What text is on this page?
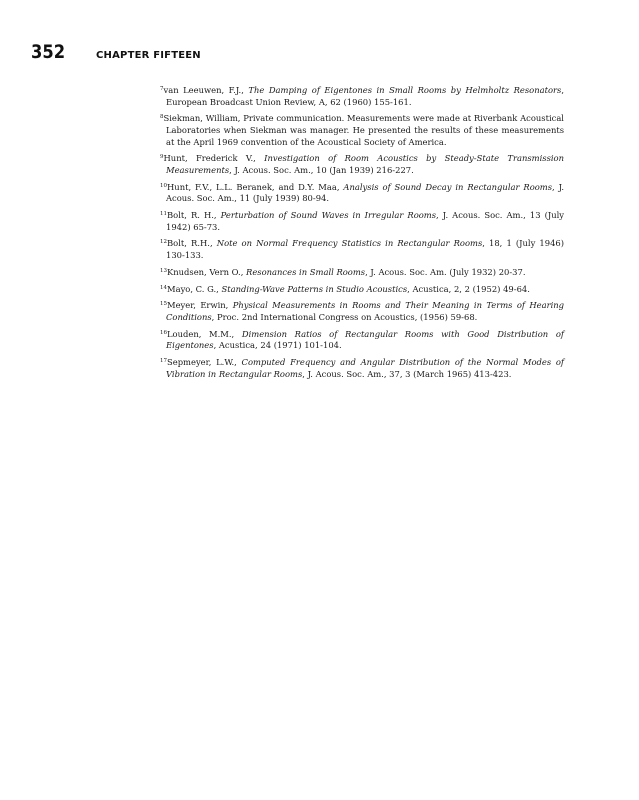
352	CHAPTER FIFTEEN
$^7$van Leeuwen, F.J., The Damping of Eigentones in Small Rooms by Helmholtz Resonators, European Broadcast Union Review, A, 62 (1960) 155-161.
$^8$Siekman, William, Private communication. Measurements were made at Riverbank Acoustical Laboratories when Siekman was manager. He presented the results of these measurements at the April 1969 convention of the Acoustical Society of America.
$^9$Hunt, Frederick V., Investigation of Room Acoustics by Steady-State Transmission Measurements, J. Acous. Soc. Am., 10 (Jan 1939) 216-227.
$^{10}$Hunt, F.V., L.L. Beranek, and D.Y. Maa, Analysis of Sound Decay in Rectangular Rooms, J. Acous. Soc. Am., 11 (July 1939) 80-94.
$^{11}$Bolt, R. H., Perturbation of Sound Waves in Irregular Rooms, J. Acous. Soc. Am., 13 (July 1942) 65-73.
$^{12}$Bolt, R.H., Note on Normal Frequency Statistics in Rectangular Rooms, 18, 1 (July 1946) 130-133.
$^{13}$Knudsen, Vern O., Resonances in Small Rooms, J. Acous. Soc. Am. (July 1932) 20-37.
$^{14}$Mayo, C. G., Standing-Wave Patterns in Studio Acoustics, Acustica, 2, 2 (1952) 49-64.
$^{15}$Meyer, Erwin, Physical Measurements in Rooms and Their Meaning in Terms of Hearing Conditions, Proc. 2nd International Congress on Acoustics, (1956) 59-68.
$^{16}$Louden, M.M., Dimension Ratios of Rectangular Rooms with Good Distribution of Eigentones, Acustica, 24 (1971) 101-104.
$^{17}$Sepmeyer, L.W., Computed Frequency and Angular Distribution of the Normal Modes of Vibration in Rectangular Rooms, J. Acous. Soc. Am., 37, 3 (March 1965) 413-423.
